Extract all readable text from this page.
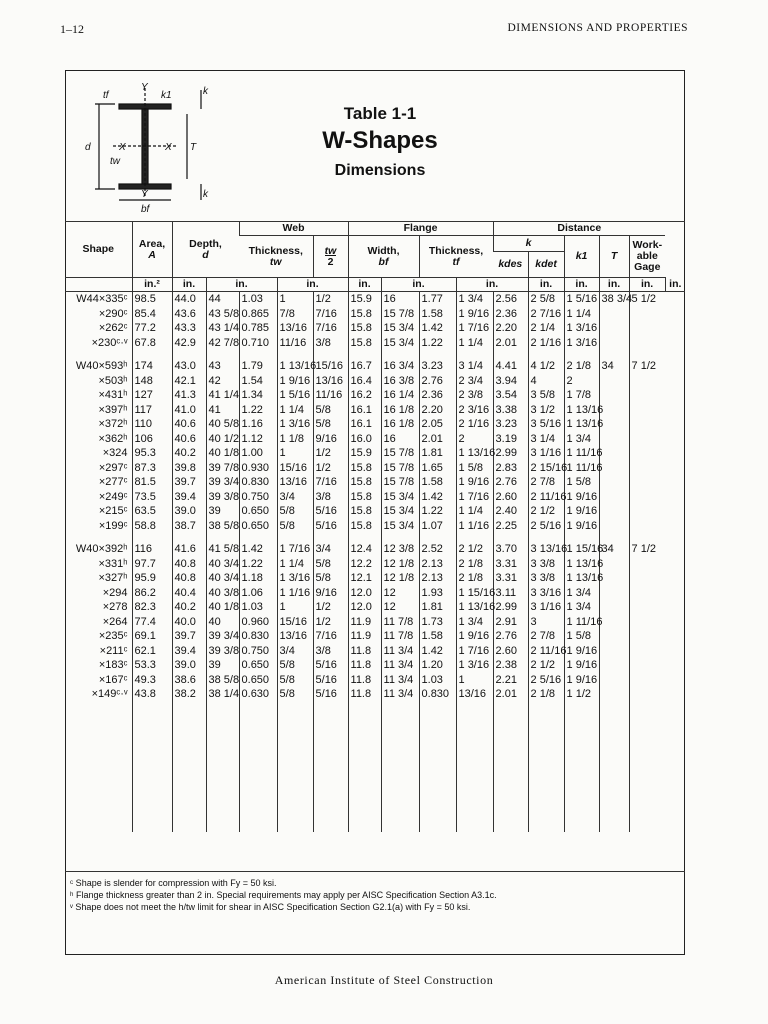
1–12	DIMENSIONS AND PROPERTIES
tf
Y
k1	k
d	X	X T
tw
Y	k
bf
Table 1-1
W-Shapes
Dimensions
Shape	Area,
A	Depth,
d		Web			Flange				Distance					
				Thickness,
tw		tw
2	Width,
bf		Thickness,
tf		k		k1	T	Work-able Gage	
											kdes	kdet				
	in.²	in.	in.		in.		in.	in.		in.		in.	in.	in.	in.	in.
W44×335ᶜ	98.5	44.0	44	1.03	1	1/2	15.9	16	1.77	1 3/4	2.56	2 5/8	1 5/16	38 3/4	5 1/2	
×290ᶜ	85.4	43.6	43 5/8	0.865	7/8	7/16	15.8	15 7/8	1.58	1 9/16	2.36	2 7/16	1 1/4			
×262ᶜ	77.2	43.3	43 1/4	0.785	13/16	7/16	15.8	15 3/4	1.42	1 7/16	2.20	2 1/4	1 3/16			
×230ᶜ·ᵛ	67.8	42.9	42 7/8	0.710	11/16	3/8	15.8	15 3/4	1.22	1 1/4	2.01	2 1/16	1 3/16			

W40×593ʰ	174	43.0	43	1.79	1 13/16	15/16	16.7	16 3/4	3.23	3 1/4	4.41	4 1/2	2 1/8	34	7 1/2	
×503ʰ	148	42.1	42	1.54	1 9/16	13/16	16.4	16 3/8	2.76	2 3/4	3.94	4	2			
×431ʰ	127	41.3	41 1/4	1.34	1 5/16	11/16	16.2	16 1/4	2.36	2 3/8	3.54	3 5/8	1 7/8			
×397ʰ	117	41.0	41	1.22	1 1/4	5/8	16.1	16 1/8	2.20	2 3/16	3.38	3 1/2	1 13/16			
×372ʰ	110	40.6	40 5/8	1.16	1 3/16	5/8	16.1	16 1/8	2.05	2 1/16	3.23	3 5/16	1 13/16			
×362ʰ	106	40.6	40 1/2	1.12	1 1/8	9/16	16.0	16	2.01	2	3.19	3 1/4	1 3/4			
×324	95.3	40.2	40 1/8	1.00	1	1/2	15.9	15 7/8	1.81	1 13/16	2.99	3 1/16	1 11/16			
×297ᶜ	87.3	39.8	39 7/8	0.930	15/16	1/2	15.8	15 7/8	1.65	1 5/8	2.83	2 15/16	1 11/16			
×277ᶜ	81.5	39.7	39 3/4	0.830	13/16	7/16	15.8	15 7/8	1.58	1 9/16	2.76	2 7/8	1 5/8			
×249ᶜ	73.5	39.4	39 3/8	0.750	3/4	3/8	15.8	15 3/4	1.42	1 7/16	2.60	2 11/16	1 9/16			
×215ᶜ	63.5	39.0	39	0.650	5/8	5/16	15.8	15 3/4	1.22	1 1/4	2.40	2 1/2	1 9/16			
×199ᶜ	58.8	38.7	38 5/8	0.650	5/8	5/16	15.8	15 3/4	1.07	1 1/16	2.25	2 5/16	1 9/16			

W40×392ʰ	116	41.6	41 5/8	1.42	1 7/16	3/4	12.4	12 3/8	2.52	2 1/2	3.70	3 13/16	1 15/16	34	7 1/2	
×331ʰ	97.7	40.8	40 3/4	1.22	1 1/4	5/8	12.2	12 1/8	2.13	2 1/8	3.31	3 3/8	1 13/16			
×327ʰ	95.9	40.8	40 3/4	1.18	1 3/16	5/8	12.1	12 1/8	2.13	2 1/8	3.31	3 3/8	1 13/16			
×294	86.2	40.4	40 3/8	1.06	1 1/16	9/16	12.0	12	1.93	1 15/16	3.11	3 3/16	1 3/4			
×278	82.3	40.2	40 1/8	1.03	1	1/2	12.0	12	1.81	1 13/16	2.99	3 1/16	1 3/4			
×264	77.4	40.0	40	0.960	15/16	1/2	11.9	11 7/8	1.73	1 3/4	2.91	3	1 11/16			
×235ᶜ	69.1	39.7	39 3/4	0.830	13/16	7/16	11.9	11 7/8	1.58	1 9/16	2.76	2 7/8	1 5/8			
×211ᶜ	62.1	39.4	39 3/8	0.750	3/4	3/8	11.8	11 3/4	1.42	1 7/16	2.60	2 11/16	1 9/16			
×183ᶜ	53.3	39.0	39	0.650	5/8	5/16	11.8	11 3/4	1.20	1 3/16	2.38	2 1/2	1 9/16			
×167ᶜ	49.3	38.6	38 5/8	0.650	5/8	5/16	11.8	11 3/4	1.03	1	2.21	2 5/16	1 9/16			
×149ᶜ·ᵛ	43.8	38.2	38 1/4	0.630	5/8	5/16	11.8	11 3/4	0.830	13/16	2.01	2 1/8	1 1/2			

ᶜ Shape is slender for compression with Fy = 50 ksi.
ʰ Flange thickness greater than 2 in. Special requirements may apply per AISC Specification Section A3.1c.
ᵛ Shape does not meet the h/tw limit for shear in AISC Specification Section G2.1(a) with Fy = 50 ksi.
American Institute of Steel Construction
